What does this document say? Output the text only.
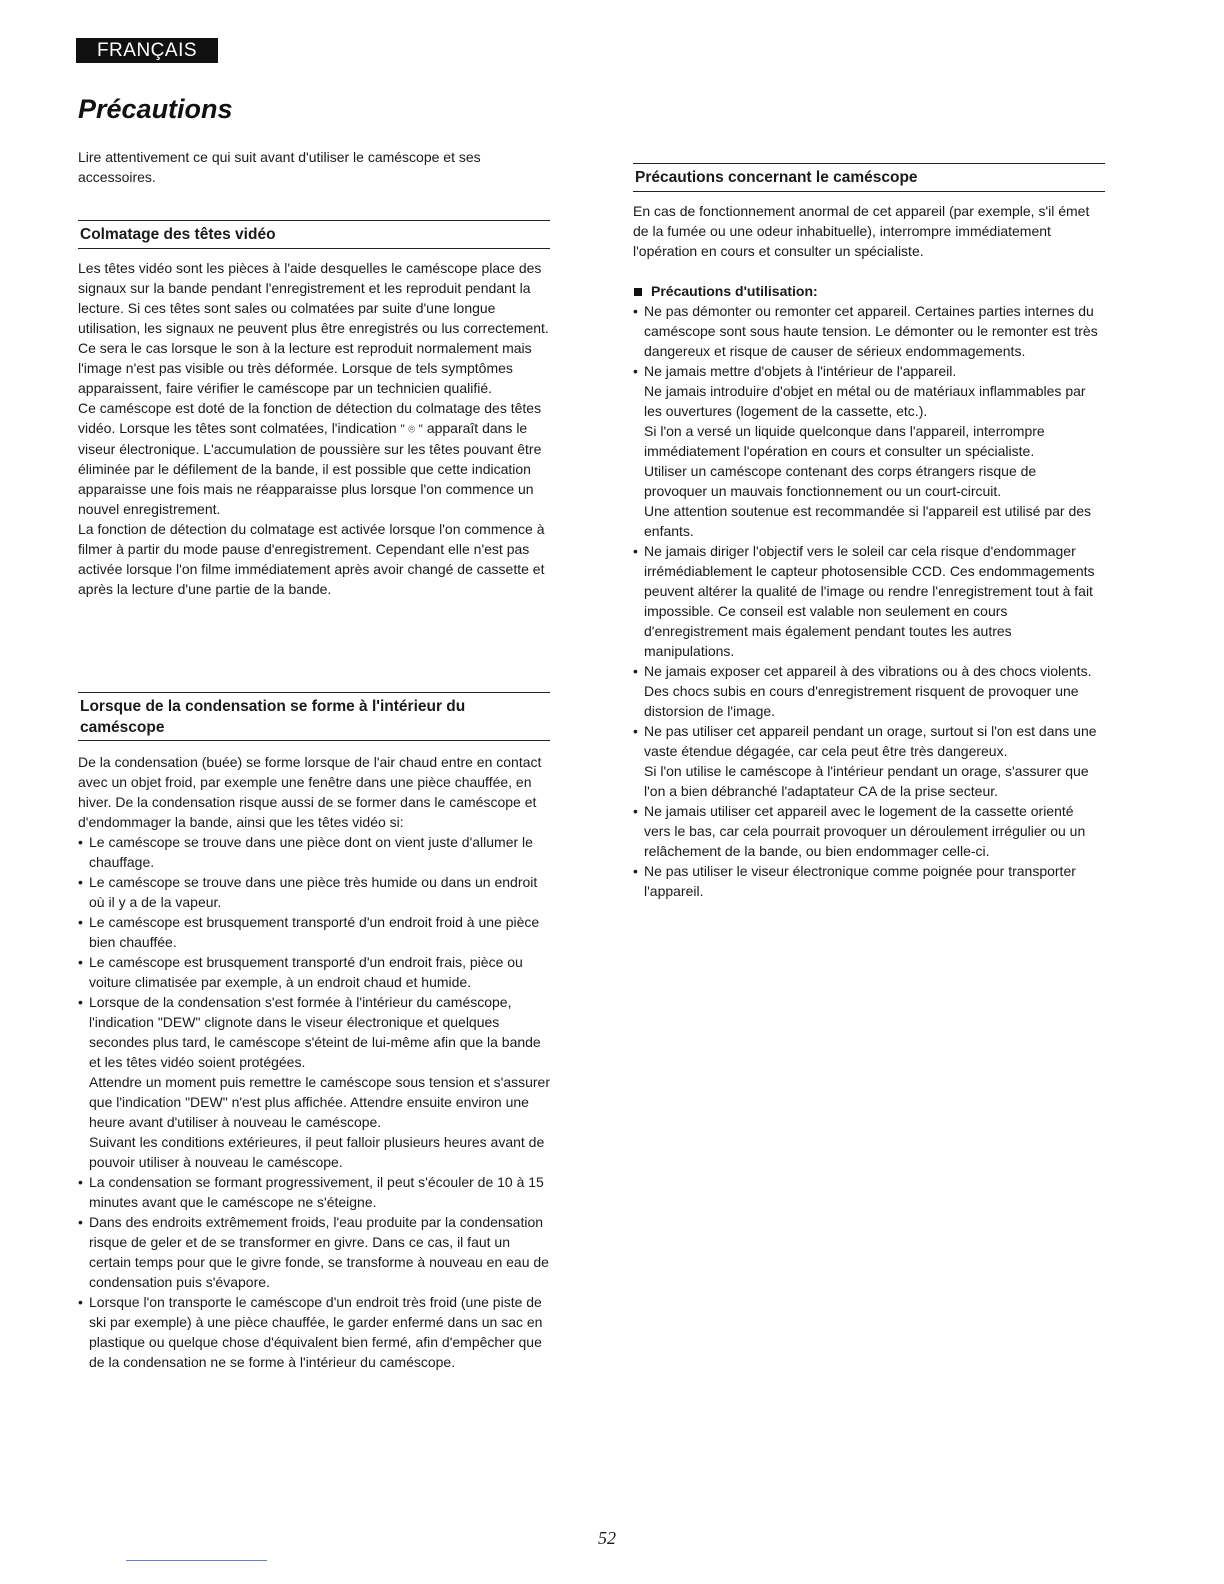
FRANÇAIS
Précautions

Lire attentivement ce qui suit avant d'utiliser le caméscope et ses accessoires.

Colmatage des têtes vidéo

Les têtes vidéo sont les pièces à l'aide desquelles le caméscope place des signaux sur la bande pendant l'enregistrement et les reproduit pendant la lecture. Si ces têtes sont sales ou colmatées par suite d'une longue utilisation, les signaux ne peuvent plus être enregistrés ou lus correctement. Ce sera le cas lorsque le son à la lecture est reproduit normalement mais l'image n'est pas visible ou très déformée. Lorsque de tels symptômes apparaissent, faire vérifier le caméscope par un technicien qualifié.

Ce caméscope est doté de la fonction de détection du colmatage des têtes vidéo. Lorsque les têtes sont colmatées, l'indication " ⌾ " apparaît dans le viseur électronique. L'accumulation de poussière sur les têtes pouvant être éliminée par le défilement de la bande, il est possible que cette indication apparaisse une fois mais ne réapparaisse plus lorsque l'on commence un nouvel enregistrement.

La fonction de détection du colmatage est activée lorsque l'on commence à filmer à partir du mode pause d'enregistrement. Cependant elle n'est pas activée lorsque l'on filme immédiatement après avoir changé de cassette et après la lecture d'une partie de la bande.

Lorsque de la condensation se forme à l'intérieur du caméscope

De la condensation (buée) se forme lorsque de l'air chaud entre en contact avec un objet froid, par exemple une fenêtre dans une pièce chauffée, en hiver. De la condensation risque aussi de se former dans le caméscope et d'endommager la bande, ainsi que les têtes vidéo si:

• Le caméscope se trouve dans une pièce dont on vient juste d'allumer le chauffage.
• Le caméscope se trouve dans une pièce très humide ou dans un endroit où il y a de la vapeur.
• Le caméscope est brusquement transporté d'un endroit froid à une pièce bien chauffée.
• Le caméscope est brusquement transporté d'un endroit frais, pièce ou voiture climatisée par exemple, à un endroit chaud et humide.
• Lorsque de la condensation s'est formée à l'intérieur du caméscope, l'indication "DEW" clignote dans le viseur électronique et quelques secondes plus tard, le caméscope s'éteint de lui-même afin que la bande et les têtes vidéo soient protégées.
Attendre un moment puis remettre le caméscope sous tension et s'assurer que l'indication "DEW" n'est plus affichée. Attendre ensuite environ une heure avant d'utiliser à nouveau le caméscope.
Suivant les conditions extérieures, il peut falloir plusieurs heures avant de pouvoir utiliser à nouveau le caméscope.
• La condensation se formant progressivement, il peut s'écouler de 10 à 15 minutes avant que le caméscope ne s'éteigne.
• Dans des endroits extrêmement froids, l'eau produite par la condensation risque de geler et de se transformer en givre. Dans ce cas, il faut un certain temps pour que le givre fonde, se transforme à nouveau en eau de condensation puis s'évapore.
• Lorsque l'on transporte le caméscope d'un endroit très froid (une piste de ski par exemple) à une pièce chauffée, le garder enfermé dans un sac en plastique ou quelque chose d'équivalent bien fermé, afin d'empêcher que de la condensation ne se forme à l'intérieur du caméscope.
Précautions concernant le caméscope

En cas de fonctionnement anormal de cet appareil (par exemple, s'il émet de la fumée ou une odeur inhabituelle), interrompre immédiatement l'opération en cours et consulter un spécialiste.

Précautions d'utilisation:

• Ne pas démonter ou remonter cet appareil. Certaines parties internes du caméscope sont sous haute tension. Le démonter ou le remonter est très dangereux et risque de causer de sérieux endommagements.
• Ne jamais mettre d'objets à l'intérieur de l'appareil.
Ne jamais introduire d'objet en métal ou de matériaux inflammables par les ouvertures (logement de la cassette, etc.).
Si l'on a versé un liquide quelconque dans l'appareil, interrompre immédiatement l'opération en cours et consulter un spécialiste.
Utiliser un caméscope contenant des corps étrangers risque de provoquer un mauvais fonctionnement ou un court-circuit.
Une attention soutenue est recommandée si l'appareil est utilisé par des enfants.
• Ne jamais diriger l'objectif vers le soleil car cela risque d'endommager irrémédiablement le capteur photosensible CCD. Ces endommagements peuvent altérer la qualité de l'image ou rendre l'enregistrement tout à fait impossible. Ce conseil est valable non seulement en cours d'enregistrement mais également pendant toutes les autres manipulations.
• Ne jamais exposer cet appareil à des vibrations ou à des chocs violents.
Des chocs subis en cours d'enregistrement risquent de provoquer une distorsion de l'image.
• Ne pas utiliser cet appareil pendant un orage, surtout si l'on est dans une vaste étendue dégagée, car cela peut être très dangereux.
Si l'on utilise le caméscope à l'intérieur pendant un orage, s'assurer que l'on a bien débranché l'adaptateur CA de la prise secteur.
• Ne jamais utiliser cet appareil avec le logement de la cassette orienté vers le bas, car cela pourrait provoquer un déroulement irrégulier ou un relâchement de la bande, ou bien endommager celle-ci.
• Ne pas utiliser le viseur électronique comme poignée pour transporter l'appareil.
52
